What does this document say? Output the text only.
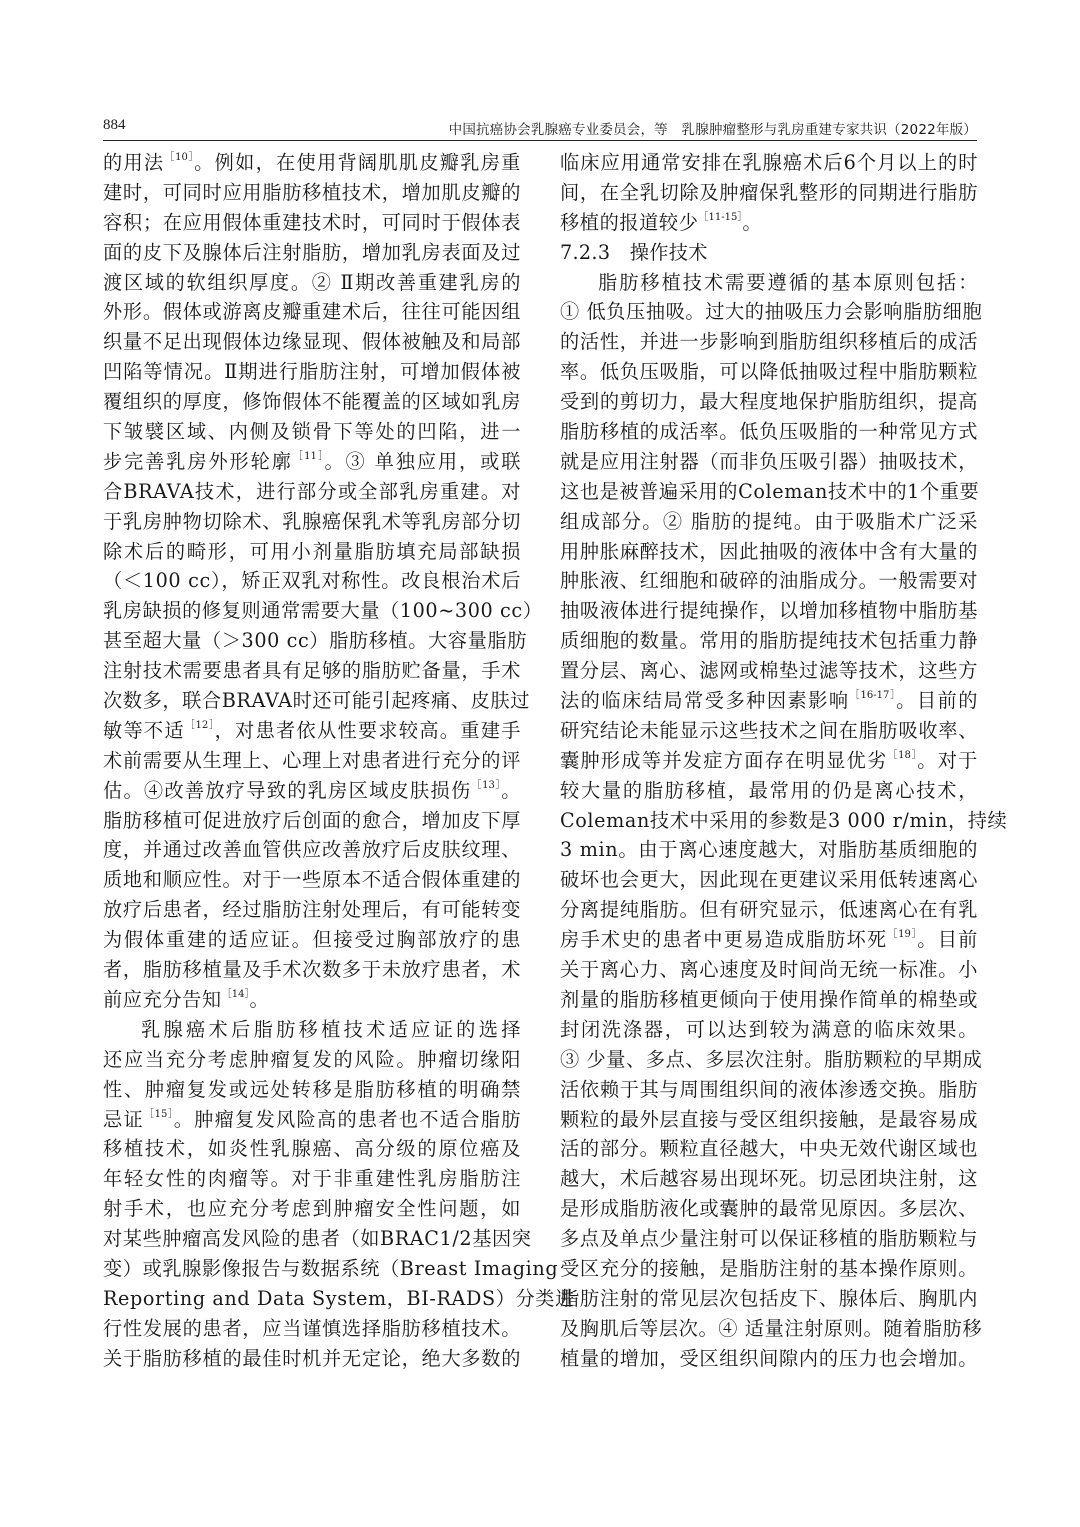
884	中国抗癌协会乳腺癌专业委员会，等　乳腺肿瘤整形与乳房重建专家共识（2022年版）
的用法$^{[10]}$。例如，在使用背阔肌肌皮瓣乳房重
建时，可同时应用脂肪移植技术，增加肌皮瓣的
容积；在应用假体重建技术时，可同时于假体表
面的皮下及腺体后注射脂肪，增加乳房表面及过
渡区域的软组织厚度。② Ⅱ期改善重建乳房的
外形。假体或游离皮瓣重建术后，往往可能因组
织量不足出现假体边缘显现、假体被触及和局部
凹陷等情况。Ⅱ期进行脂肪注射，可增加假体被
覆组织的厚度，修饰假体不能覆盖的区域如乳房
下皱襞区域、内侧及锁骨下等处的凹陷，进一
步完善乳房外形轮廓$^{[11]}$。③ 单独应用，或联
合BRAVA技术，进行部分或全部乳房重建。对
于乳房肿物切除术、乳腺癌保乳术等乳房部分切
除术后的畸形，可用小剂量脂肪填充局部缺损
（＜100 cc），矫正双乳对称性。改良根治术后
乳房缺损的修复则通常需要大量（100~300 cc）
甚至超大量（＞300 cc）脂肪移植。大容量脂肪
注射技术需要患者具有足够的脂肪贮备量，手术
次数多，联合BRAVA时还可能引起疼痛、皮肤过
敏等不适$^{[12]}$，对患者依从性要求较高。重建手
术前需要从生理上、心理上对患者进行充分的评
估。④改善放疗导致的乳房区域皮肤损伤$^{[13]}$。
脂肪移植可促进放疗后创面的愈合，增加皮下厚
度，并通过改善血管供应改善放疗后皮肤纹理、
质地和顺应性。对于一些原本不适合假体重建的
放疗后患者，经过脂肪注射处理后，有可能转变
为假体重建的适应证。但接受过胸部放疗的患
者，脂肪移植量及手术次数多于未放疗患者，术
前应充分告知$^{[14]}$。
乳腺癌术后脂肪移植技术适应证的选择
还应当充分考虑肿瘤复发的风险。肿瘤切缘阳
性、肿瘤复发或远处转移是脂肪移植的明确禁
忌证$^{[15]}$。肿瘤复发风险高的患者也不适合脂肪
移植技术，如炎性乳腺癌、高分级的原位癌及
年轻女性的肉瘤等。对于非重建性乳房脂肪注
射手术，也应充分考虑到肿瘤安全性问题，如
对某些肿瘤高发风险的患者（如BRAC1/2基因突
变）或乳腺影像报告与数据系统（Breast Imaging
Reporting and Data System，BI-RADS）分类进
行性发展的患者，应当谨慎选择脂肪移植技术。
关于脂肪移植的最佳时机并无定论，绝大多数的
临床应用通常安排在乳腺癌术后6个月以上的时
间，在全乳切除及肿瘤保乳整形的同期进行脂肪
移植的报道较少$^{[11-15]}$。
7.2.3　操作技术
脂肪移植技术需要遵循的基本原则包括：
① 低负压抽吸。过大的抽吸压力会影响脂肪细胞
的活性，并进一步影响到脂肪组织移植后的成活
率。低负压吸脂，可以降低抽吸过程中脂肪颗粒
受到的剪切力，最大程度地保护脂肪组织，提高
脂肪移植的成活率。低负压吸脂的一种常见方式
就是应用注射器（而非负压吸引器）抽吸技术，
这也是被普遍采用的Coleman技术中的1个重要
组成部分。② 脂肪的提纯。由于吸脂术广泛采
用肿胀麻醉技术，因此抽吸的液体中含有大量的
肿胀液、红细胞和破碎的油脂成分。一般需要对
抽吸液体进行提纯操作，以增加移植物中脂肪基
质细胞的数量。常用的脂肪提纯技术包括重力静
置分层、离心、滤网或棉垫过滤等技术，这些方
法的临床结局常受多种因素影响$^{[16-17]}$。目前的
研究结论未能显示这些技术之间在脂肪吸收率、
囊肿形成等并发症方面存在明显优劣$^{[18]}$。对于
较大量的脂肪移植，最常用的仍是离心技术，
Coleman技术中采用的参数是3 000 r/min，持续
3 min。由于离心速度越大，对脂肪基质细胞的
破坏也会更大，因此现在更建议采用低转速离心
分离提纯脂肪。但有研究显示，低速离心在有乳
房手术史的患者中更易造成脂肪坏死$^{[19]}$。目前
关于离心力、离心速度及时间尚无统一标准。小
剂量的脂肪移植更倾向于使用操作简单的棉垫或
封闭洗涤器，可以达到较为满意的临床效果。
③ 少量、多点、多层次注射。脂肪颗粒的早期成
活依赖于其与周围组织间的液体渗透交换。脂肪
颗粒的最外层直接与受区组织接触，是最容易成
活的部分。颗粒直径越大，中央无效代谢区域也
越大，术后越容易出现坏死。切忌团块注射，这
是形成脂肪液化或囊肿的最常见原因。多层次、
多点及单点少量注射可以保证移植的脂肪颗粒与
受区充分的接触，是脂肪注射的基本操作原则。
脂肪注射的常见层次包括皮下、腺体后、胸肌内
及胸肌后等层次。④ 适量注射原则。随着脂肪移
植量的增加，受区组织间隙内的压力也会增加。
